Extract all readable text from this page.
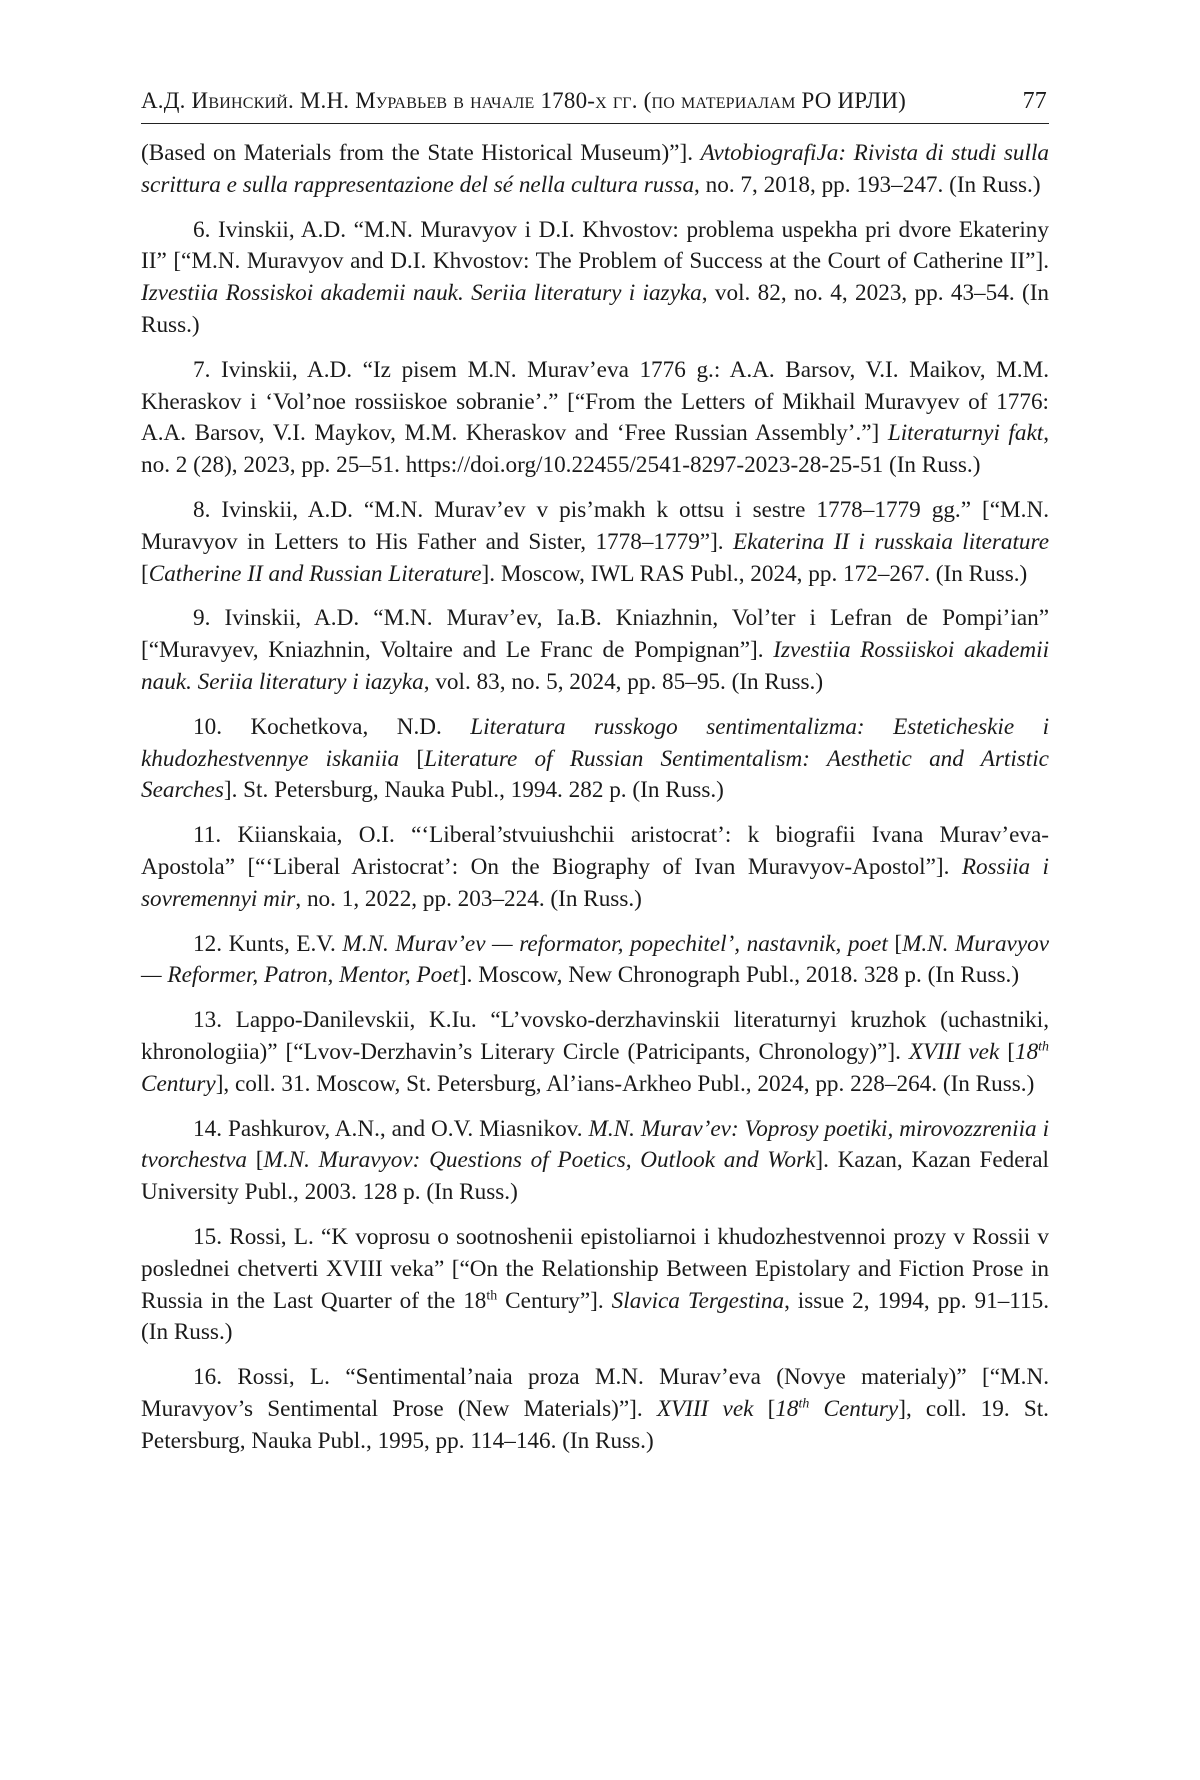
А.Д. Ивинский. М.Н. Муравьев в начале 1780-х гг. (по материалам РО ИРЛИ)	77

(Based on Materials from the State Historical Museum)”]. AvtobiografiJa: Rivista di studi sulla scrittura e sulla rappresentazione del sé nella cultura russa, no. 7, 2018, pp. 193–247. (In Russ.)

6. Ivinskii, A.D. “M.N. Muravyov i D.I. Khvostov: problema uspekha pri dvore Ekateriny II” [“M.N. Muravyov and D.I. Khvostov: The Problem of Success at the Court of Catherine II”]. Izvestiia Rossiskoi akademii nauk. Seriia literatury i iazyka, vol. 82, no. 4, 2023, pp. 43–54. (In Russ.)

7. Ivinskii, A.D. “Iz pisem M.N. Murav’eva 1776 g.: A.A. Barsov, V.I. Maikov, M.M. Kheraskov i ‘Vol’noe rossiiskoe sobranie’.” [“From the Letters of Mikhail Muravyev of 1776: A.A. Barsov, V.I. Maykov, M.M. Kheraskov and ‘Free Russian Assembly’.”] Literaturnyi fakt, no. 2 (28), 2023, pp. 25–51. https://doi.org/10.22455/2541-8297-2023-28-25-51 (In Russ.)

8. Ivinskii, A.D. “M.N. Murav’ev v pis’makh k ottsu i sestre 1778–1779 gg.” [“M.N. Muravyov in Letters to His Father and Sister, 1778–1779”]. Ekaterina II i russkaia literature [Catherine II and Russian Literature]. Moscow, IWL RAS Publ., 2024, pp. 172–267. (In Russ.)

9. Ivinskii, A.D. “M.N. Murav’ev, Ia.B. Kniazhnin, Vol’ter i Lefran de Pompi’ian” [“Muravyev, Kniazhnin, Voltaire and Le Franc de Pompignan”]. Izvestiia Rossiiskoi akademii nauk. Seriia literatury i iazyka, vol. 83, no. 5, 2024, pp. 85–95. (In Russ.)

10. Kochetkova, N.D. Literatura russkogo sentimentalizma: Esteticheskie i khudozhestvennye iskaniia [Literature of Russian Sentimentalism: Aesthetic and Artistic Searches]. St. Petersburg, Nauka Publ., 1994. 282 p. (In Russ.)

11. Kiianskaia, O.I. “‘Liberal’stvuiushchii aristocrat’: k biografii Ivana Murav’eva-Apostola” [“‘Liberal Aristocrat’: On the Biography of Ivan Muravyov-Apostol”]. Rossiia i sovremennyi mir, no. 1, 2022, pp. 203–224. (In Russ.)

12. Kunts, E.V. M.N. Murav’ev — reformator, popechitel’, nastavnik, poet [M.N. Muravyov — Reformer, Patron, Mentor, Poet]. Moscow, New Chronograph Publ., 2018. 328 p. (In Russ.)

13. Lappo-Danilevskii, K.Iu. “L’vovsko-derzhavinskii literaturnyi kruzhok (uchastniki, khronologiia)” [“Lvov-Derzhavin’s Literary Circle (Patricipants, Chronology)”]. XVIII vek [18th Century], coll. 31. Moscow, St. Petersburg, Al’ians-Arkheo Publ., 2024, pp. 228–264. (In Russ.)

14. Pashkurov, A.N., and O.V. Miasnikov. M.N. Murav’ev: Voprosy poetiki, mirovozzreniia i tvorchestva [M.N. Muravyov: Questions of Poetics, Outlook and Work]. Kazan, Kazan Federal University Publ., 2003. 128 p. (In Russ.)

15. Rossi, L. “K voprosu o sootnoshenii epistoliarnoi i khudozhestvennoi prozy v Rossii v poslednei chetverti XVIII veka” [“On the Relationship Between Epistolary and Fiction Prose in Russia in the Last Quarter of the 18th Century”]. Slavica Tergestina, issue 2, 1994, pp. 91–115. (In Russ.)

16. Rossi, L. “Sentimental’naia proza M.N. Murav’eva (Novye materialy)” [“M.N. Muravyov’s Sentimental Prose (New Materials)”]. XVIII vek [18th Century], coll. 19. St. Petersburg, Nauka Publ., 1995, pp. 114–146. (In Russ.)
